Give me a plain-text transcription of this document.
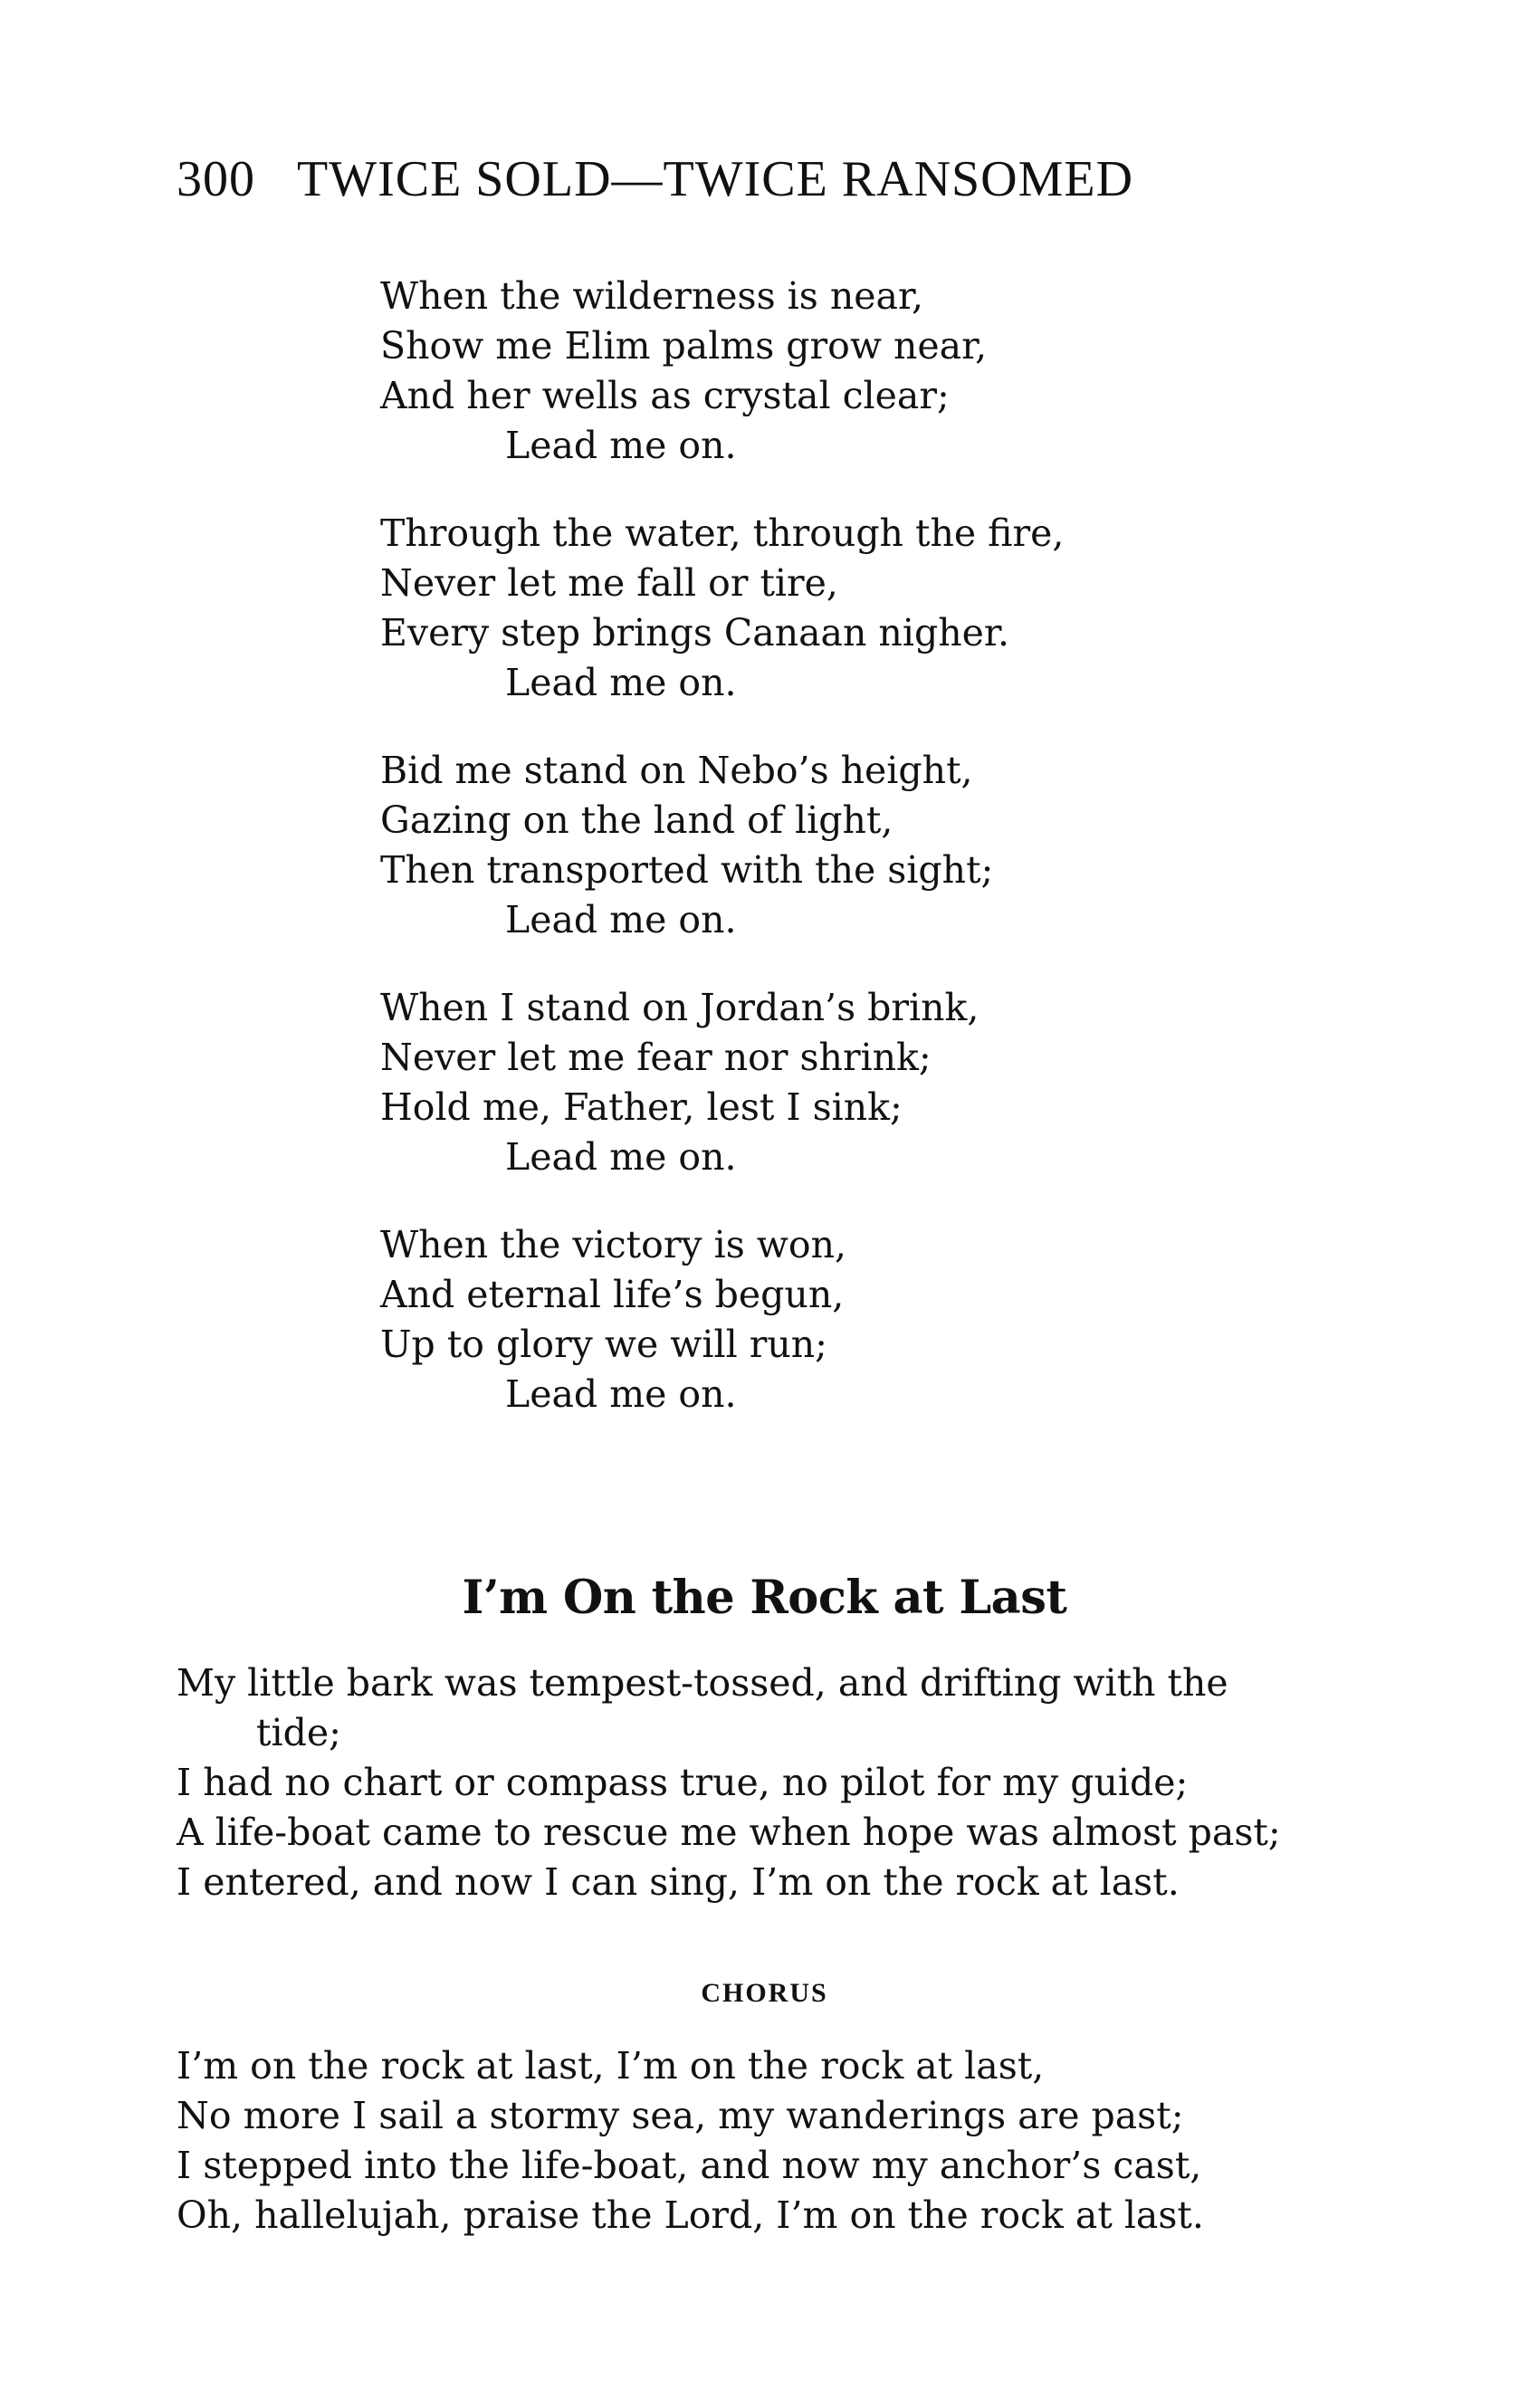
300 TWICE SOLD—TWICE RANSOMED
When the wilderness is near,
Show me Elim palms grow near,
And her wells as crystal clear;
Lead me on.
Through the water, through the fire,
Never let me fall or tire,
Every step brings Canaan nigher.
Lead me on.
Bid me stand on Nebo’s height,
Gazing on the land of light,
Then transported with the sight;
Lead me on.
When I stand on Jordan’s brink,
Never let me fear nor shrink;
Hold me, Father, lest I sink;
Lead me on.
When the victory is won,
And eternal life’s begun,
Up to glory we will run;
Lead me on.
I’m On the Rock at Last
My little bark was tempest-tossed, and drifting with the
tide;
I had no chart or compass true, no pilot for my guide;
A life-boat came to rescue me when hope was almost past;
I entered, and now I can sing, I’m on the rock at last.
CHORUS
I’m on the rock at last, I’m on the rock at last,
No more I sail a stormy sea, my wanderings are past;
I stepped into the life-boat, and now my anchor’s cast,
Oh, hallelujah, praise the Lord, I’m on the rock at last.
